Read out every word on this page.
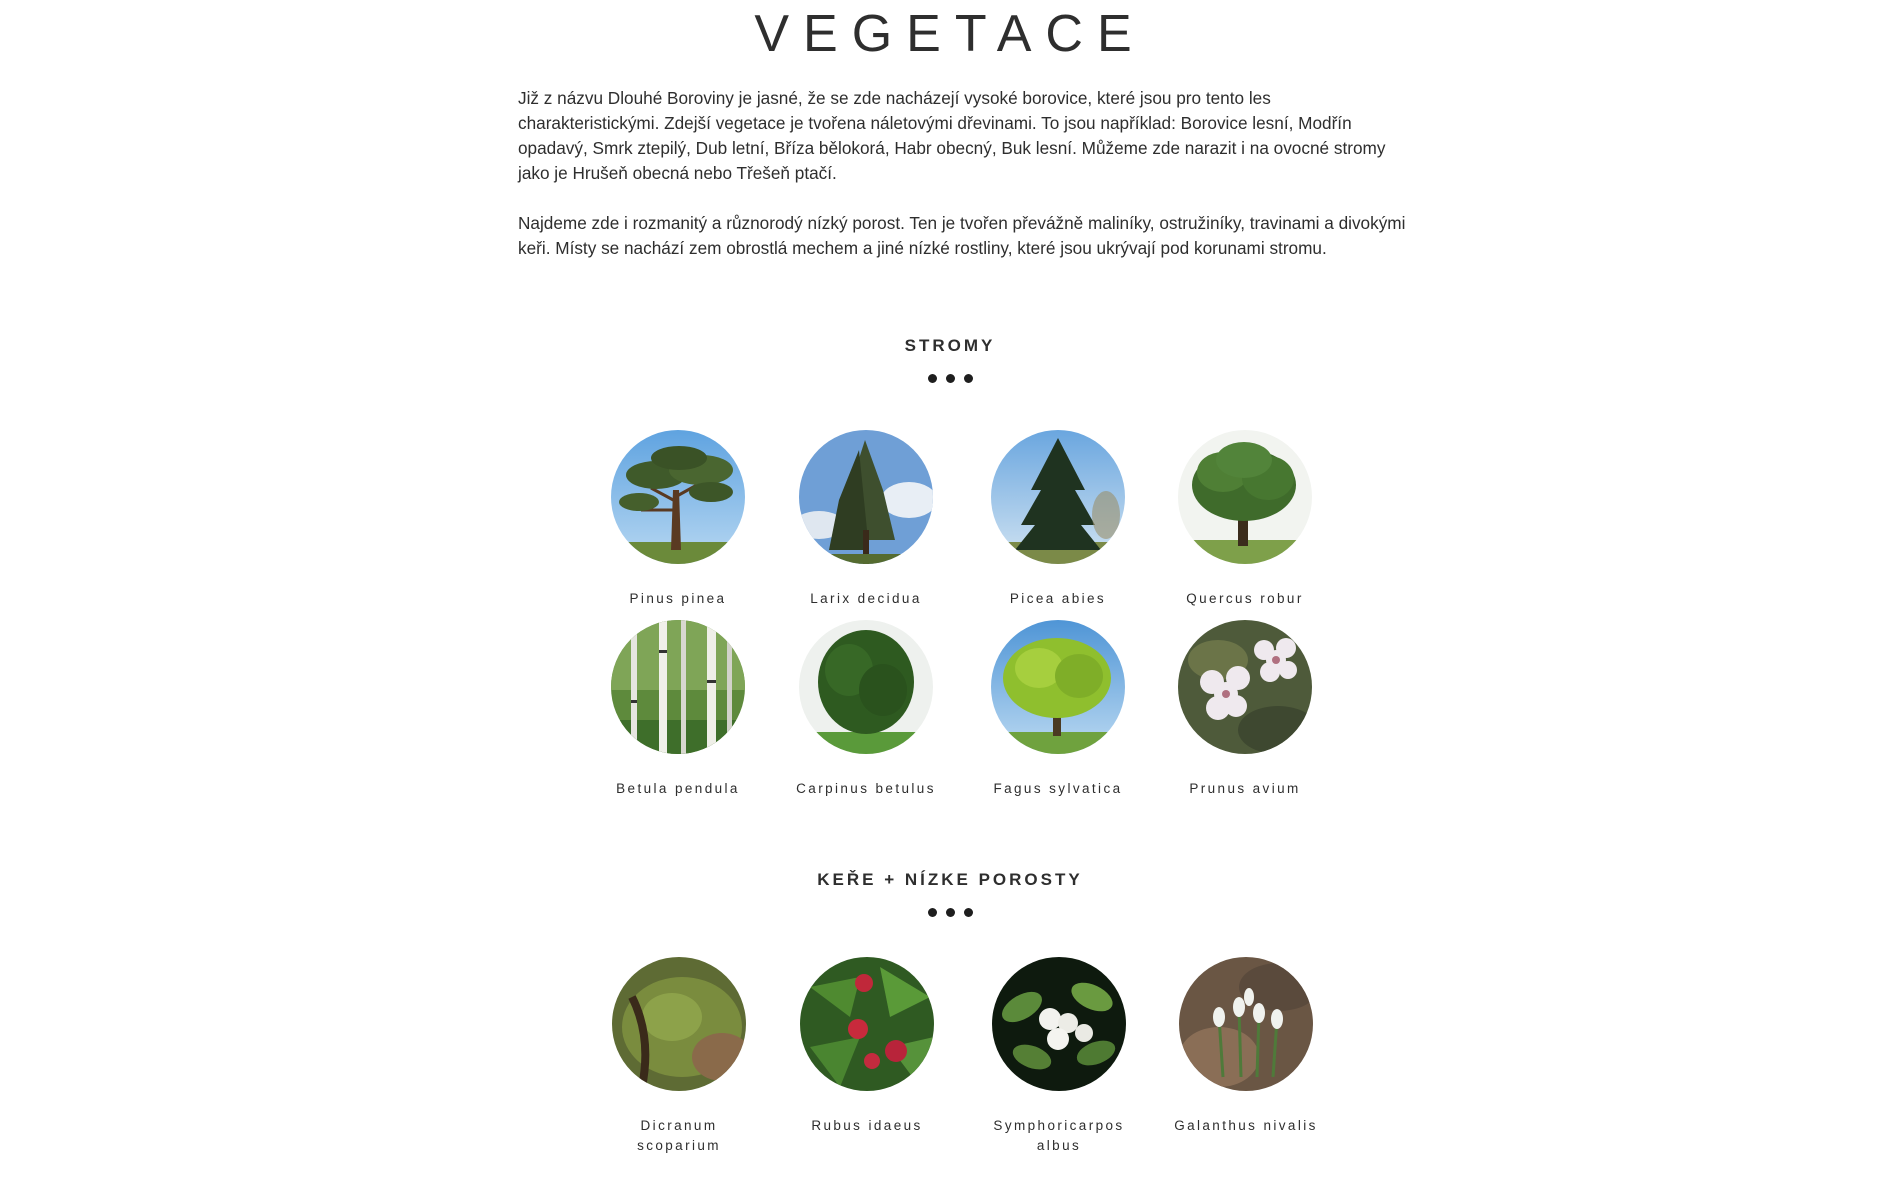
VEGETACE

Již z názvu Dlouhé Boroviny je jasné, že se zde nacházejí vysoké borovice, které jsou pro tento les charakteristickými. Zdejší vegetace je tvořena náletovými dřevinami. To jsou například: Borovice lesní, Modřín opadavý, Smrk ztepilý, Dub letní, Bříza bělokorá, Habr obecný, Buk lesní. Můžeme zde narazit i na ovocné stromy jako je Hrušeň obecná nebo Třešeň ptačí.

Najdeme zde i rozmanitý a různorodý nízký porost. Ten je tvořen převážně maliníky, ostružiníky, travinami a divokými keři. Místy se nachází zem obrostlá mechem a jiné nízké rostliny, které jsou ukrývají pod korunami stromu.

STROMY
Pinus pinea	Larix decidua	Picea abies	Quercus robur
Betula pendula	Carpinus betulus	Fagus sylvatica	Prunus avium
KEŘE + NÍZKE POROSTY
Dicranum scoparium
Rubus idaeus	Symphoricarpos albus
Galanthus nivalis
